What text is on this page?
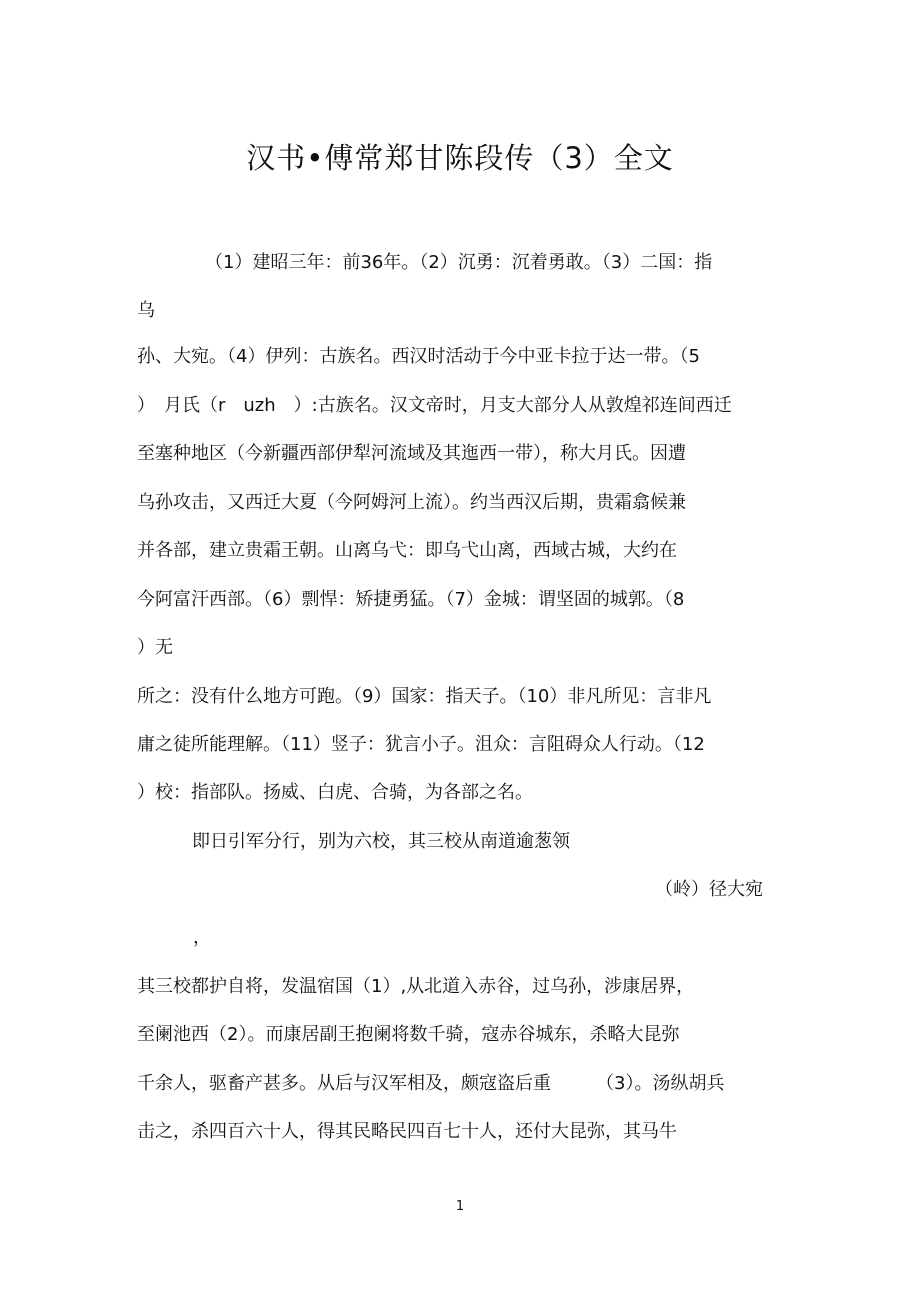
汉书•傅常郑甘陈段传（3）全文
（1）建昭三年：前36年。（2）沉勇：沉着勇敢。（3）二国：指
乌
孙、大宛。（4）伊列：古族名。西汉时活动于今中亚卡拉于达一带。（5
）　月氏（r　uzh　）:古族名。汉文帝时，月支大部分人从敦煌祁连间西迁
至塞种地区（今新疆西部伊犁河流域及其迤西一带），称大月氏。因遭
乌孙攻击，又西迁大夏（今阿姆河上流）。约当西汉后期，贵霜翕候兼
并各部，建立贵霜王朝。山离乌弋：即乌弋山离，西域古城，大约在
今阿富汗西部。（6）剽悍：矫捷勇猛。（7）金城：谓坚固的城郭。（8
）无
所之：没有什么地方可跑。（9）国家：指天子。（10）非凡所见：言非凡
庸之徒所能理解。（11）竖子：犹言小子。沮众：言阻碍众人行动。（12
）校：指部队。扬威、白虎、合骑，为各部之名。
即日引军分行，别为六校，其三校从南道逾葱领
（岭）径大宛
，
其三校都护自将，发温宿国（1）,从北道入赤谷，过乌孙，涉康居界，
至阑池西（2）。而康居副王抱阑将数千骑，寇赤谷城东，杀略大昆弥
千余人，驱畜产甚多。从后与汉军相及，颇寇盗后重　　　（3）。汤纵胡兵
击之，杀四百六十人，得其民略民四百七十人，还付大昆弥，其马牛
1
